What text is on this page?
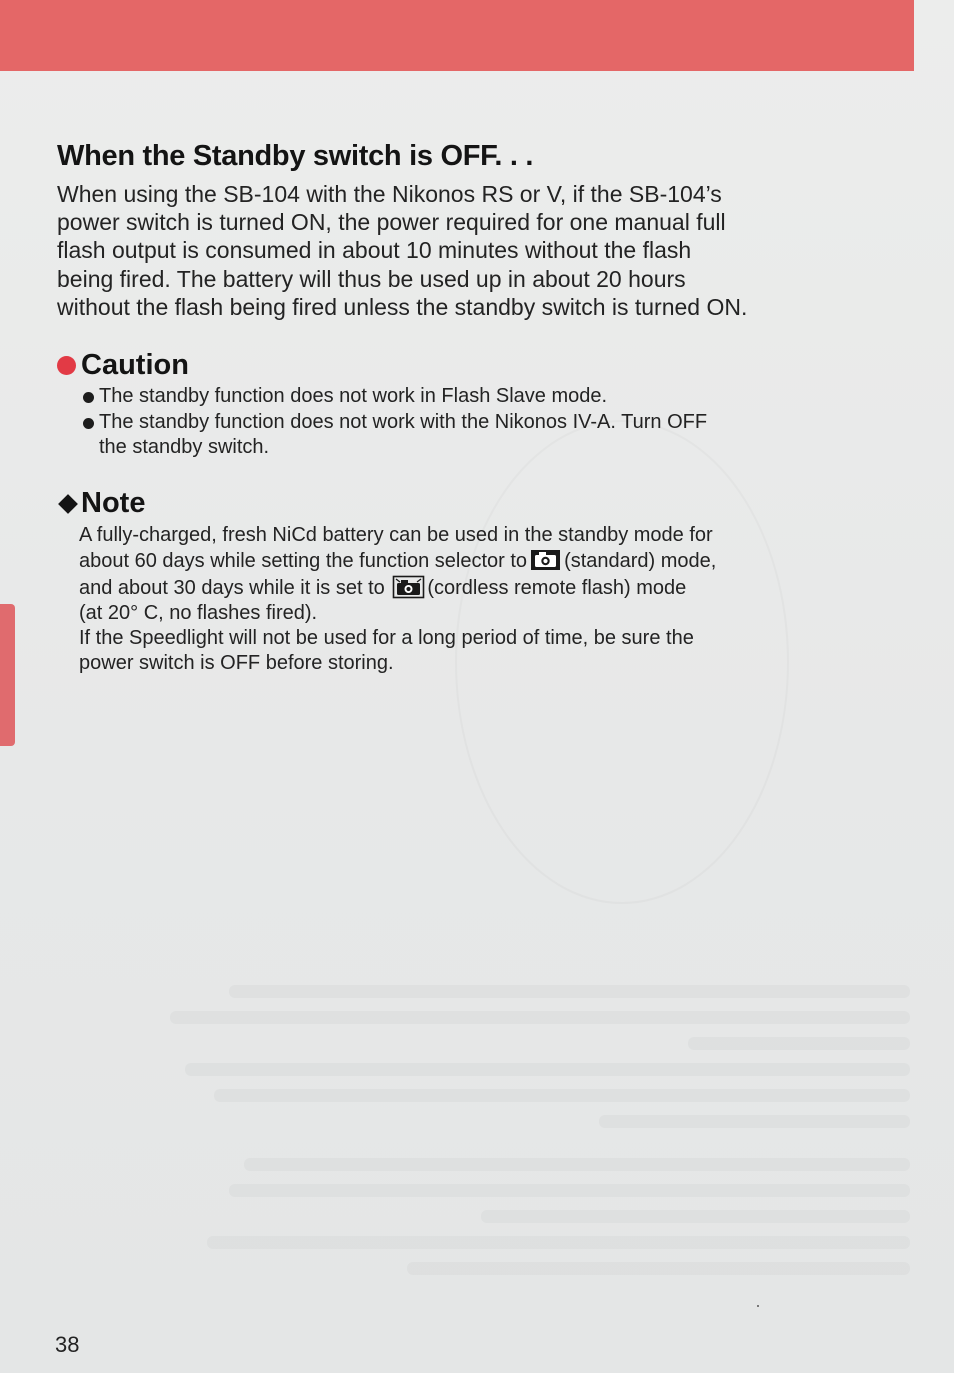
When the Standby switch is OFF. . .

When using the SB-104 with the Nikonos RS or V, if the SB-104’s
power switch is turned ON, the power required for one manual full
flash output is consumed in about 10 minutes without the flash
being fired. The battery will thus be used up in about 20 hours
without the flash being fired unless the standby switch is turned ON.

Caution
The standby function does not work in Flash Slave mode.
The standby function does not work with the Nikonos IV-A. Turn OFF
the standby switch.
Note

A fully-charged, fresh NiCd battery can be used in the standby mode for
about 60 days while setting the function selector to (standard) mode,
and about 30 days while it is set to (cordless remote flash) mode
(at 20° C, no flashes fired).
If the Speedlight will not be used for a long period of time, be sure the
power switch is OFF before storing.

38
